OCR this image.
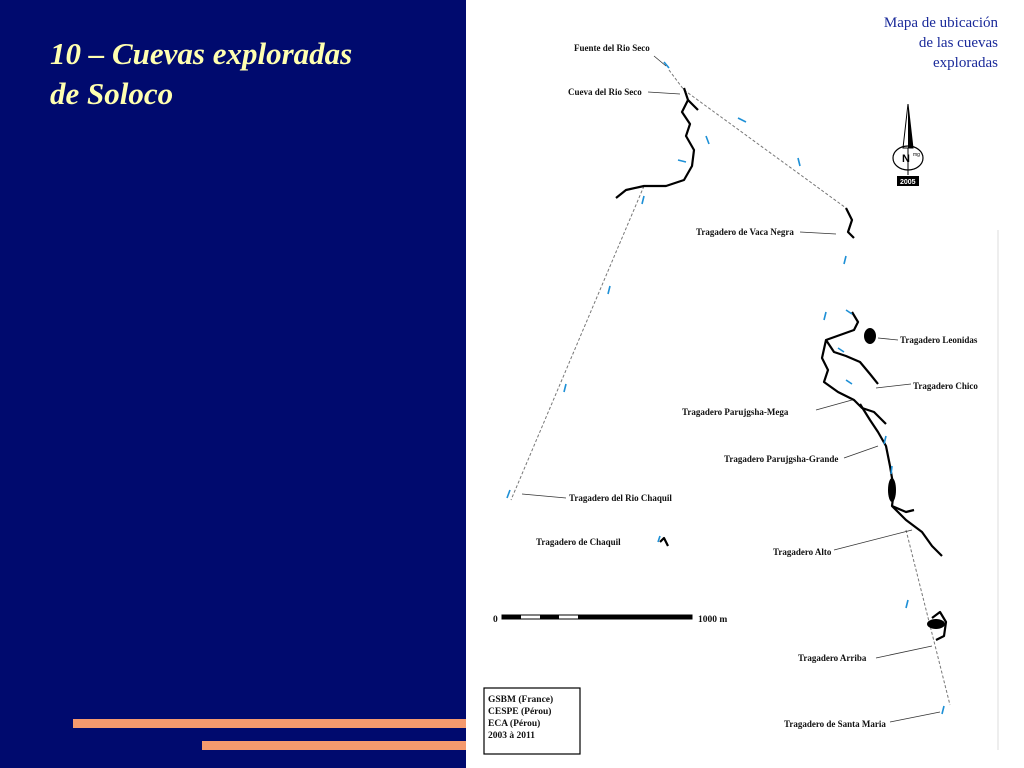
10 – Cuevas exploradas
de Soloco
Fuente del Rio Seco
Cueva del Rio Seco
Tragadero de Vaca Negra
Tragadero Leonidas
Tragadero Chico
Tragadero Parujgsha-Mega
Tragadero Parujgsha-Grande
Tragadero del Rio Chaquil
Tragadero de Chaquil
Tragadero Alto
Tragadero Arriba
Tragadero de Santa Maria
N mg
2005
0	1000 m
GSBM (France)
CESPE (Pérou)
ECA (Pérou)
2003 à 2011
Mapa de ubicación
de las cuevas
exploradas
